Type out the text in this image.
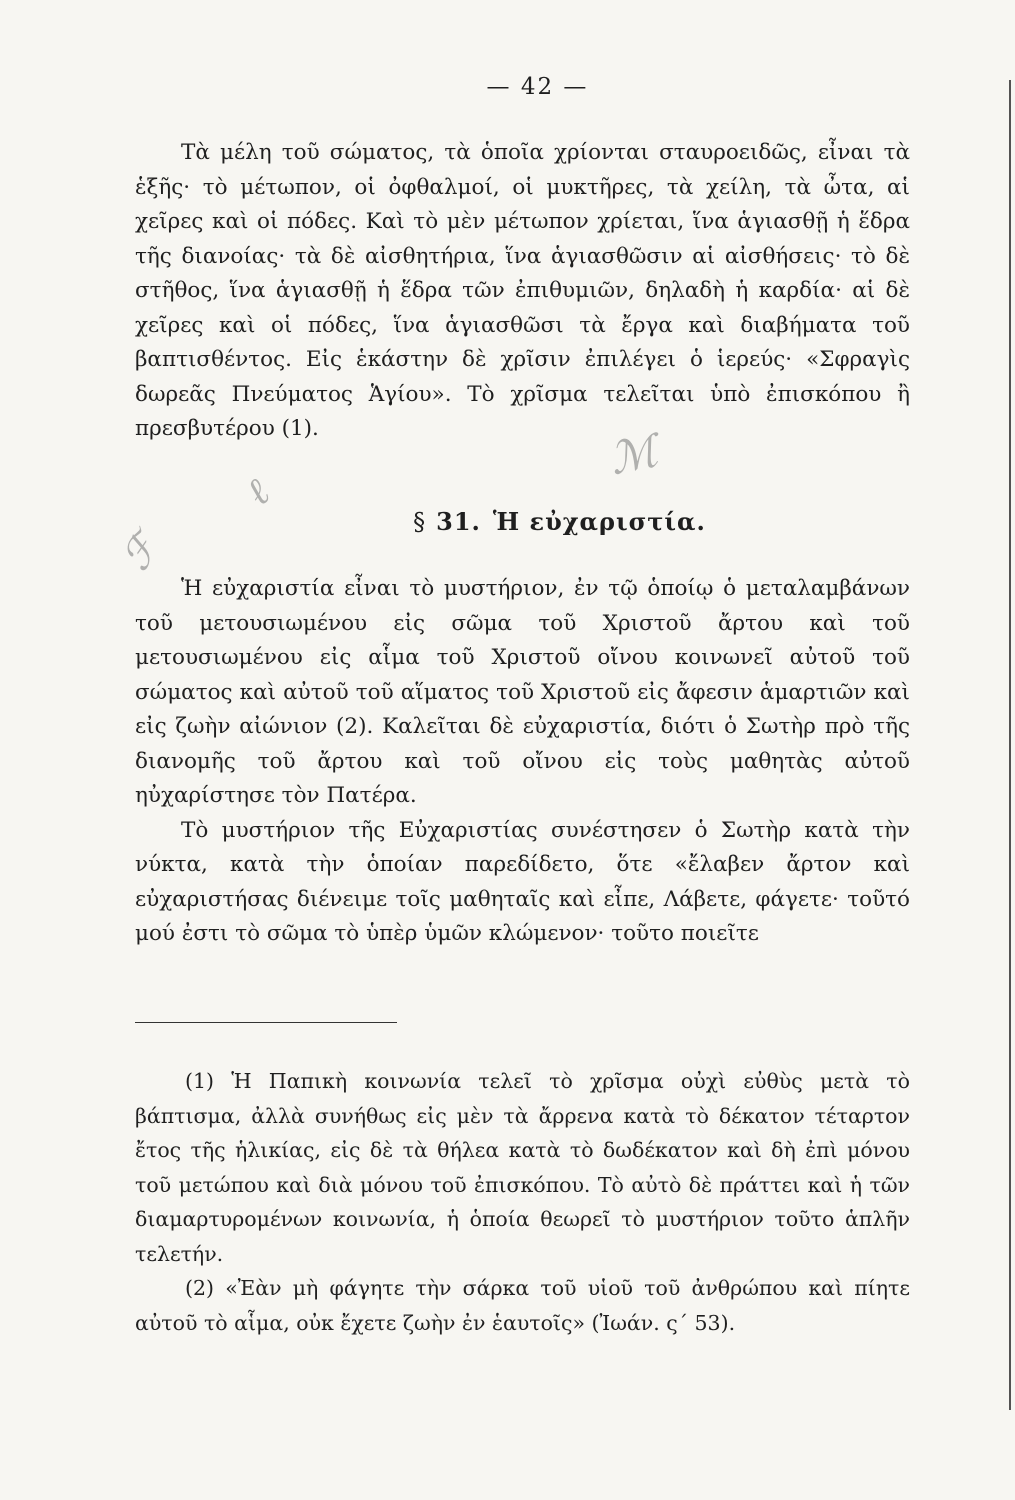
— 42 —

Τὰ μέλη τοῦ σώματος, τὰ ὁποῖα χρίονται σταυροειδῶς, εἶναι τὰ ἑξῆς· τὸ μέτωπον, οἱ ὀφθαλμοί, οἱ μυκτῆρες, τὰ χείλη, τὰ ὦτα, αἱ χεῖρες καὶ οἱ πόδες. Καὶ τὸ μὲν μέτωπον χρίεται, ἵνα ἁγιασθῇ ἡ ἕδρα τῆς διανοίας· τὰ δὲ αἰσθητήρια, ἵνα ἁγιασθῶσιν αἱ αἰσθήσεις· τὸ δὲ στῆθος, ἵνα ἁγιασθῇ ἡ ἕδρα τῶν ἐπιθυμιῶν, δηλαδὴ ἡ καρδία· αἱ δὲ χεῖρες καὶ οἱ πόδες, ἵνα ἁγιασθῶσι τὰ ἔργα καὶ διαβήματα τοῦ βαπτισθέντος. Εἰς ἑκάστην δὲ χρῖσιν ἐπιλέγει ὁ ἱερεύς· «Σφραγὶς δωρεᾶς Πνεύματος Ἁγίου». Τὸ χρῖσμα τελεῖται ὑπὸ ἐπισκόπου ἢ πρεσβυτέρου (1).	ℳ
ℓ
ℱ
§ 31. Ἡ εὐχαριστία.

Ἡ εὐχαριστία εἶναι τὸ μυστήριον, ἐν τῷ ὁποίῳ ὁ μεταλαμβάνων τοῦ μετουσιωμένου εἰς σῶμα τοῦ Χριστοῦ ἄρτου καὶ τοῦ μετουσιωμένου εἰς αἷμα τοῦ Χριστοῦ οἴνου κοινωνεῖ αὐτοῦ τοῦ σώματος καὶ αὐτοῦ τοῦ αἵματος τοῦ Χριστοῦ εἰς ἄφεσιν ἁμαρτιῶν καὶ εἰς ζωὴν αἰώνιον (2). Καλεῖται δὲ εὐχαριστία, διότι ὁ Σωτὴρ πρὸ τῆς διανομῆς τοῦ ἄρτου καὶ τοῦ οἴνου εἰς τοὺς μαθητὰς αὐτοῦ ηὐχαρίστησε τὸν Πατέρα.

Τὸ μυστήριον τῆς Εὐχαριστίας συνέστησεν ὁ Σωτὴρ κατὰ τὴν νύκτα, κατὰ τὴν ὁποίαν παρεδίδετο, ὅτε «ἔλαβεν ἄρτον καὶ εὐχαριστήσας διένειμε τοῖς μαθηταῖς καὶ εἶπε, Λάβετε, φάγετε· τοῦτό μού ἐστι τὸ σῶμα τὸ ὑπὲρ ὑμῶν κλώμενον· τοῦτο ποιεῖτε

(1) Ἡ Παπικὴ κοινωνία τελεῖ τὸ χρῖσμα οὐχὶ εὐθὺς μετὰ τὸ βάπτισμα, ἀλλὰ συνήθως εἰς μὲν τὰ ἄρρενα κατὰ τὸ δέκατον τέταρτον ἔτος τῆς ἡλικίας, εἰς δὲ τὰ θήλεα κατὰ τὸ δωδέκατον καὶ δὴ ἐπὶ μόνου τοῦ μετώπου καὶ διὰ μόνου τοῦ ἐπισκόπου. Τὸ αὐτὸ δὲ πράττει καὶ ἡ τῶν διαμαρτυρομένων κοινωνία, ἡ ὁποία θεωρεῖ τὸ μυστήριον τοῦτο ἁπλῆν τελετήν.

(2) «Ἐὰν μὴ φάγητε τὴν σάρκα τοῦ υἱοῦ τοῦ ἀνθρώπου καὶ πίητε αὐτοῦ τὸ αἷμα, οὐκ ἔχετε ζωὴν ἐν ἑαυτοῖς» (Ἰωάν. ς´ 53).
